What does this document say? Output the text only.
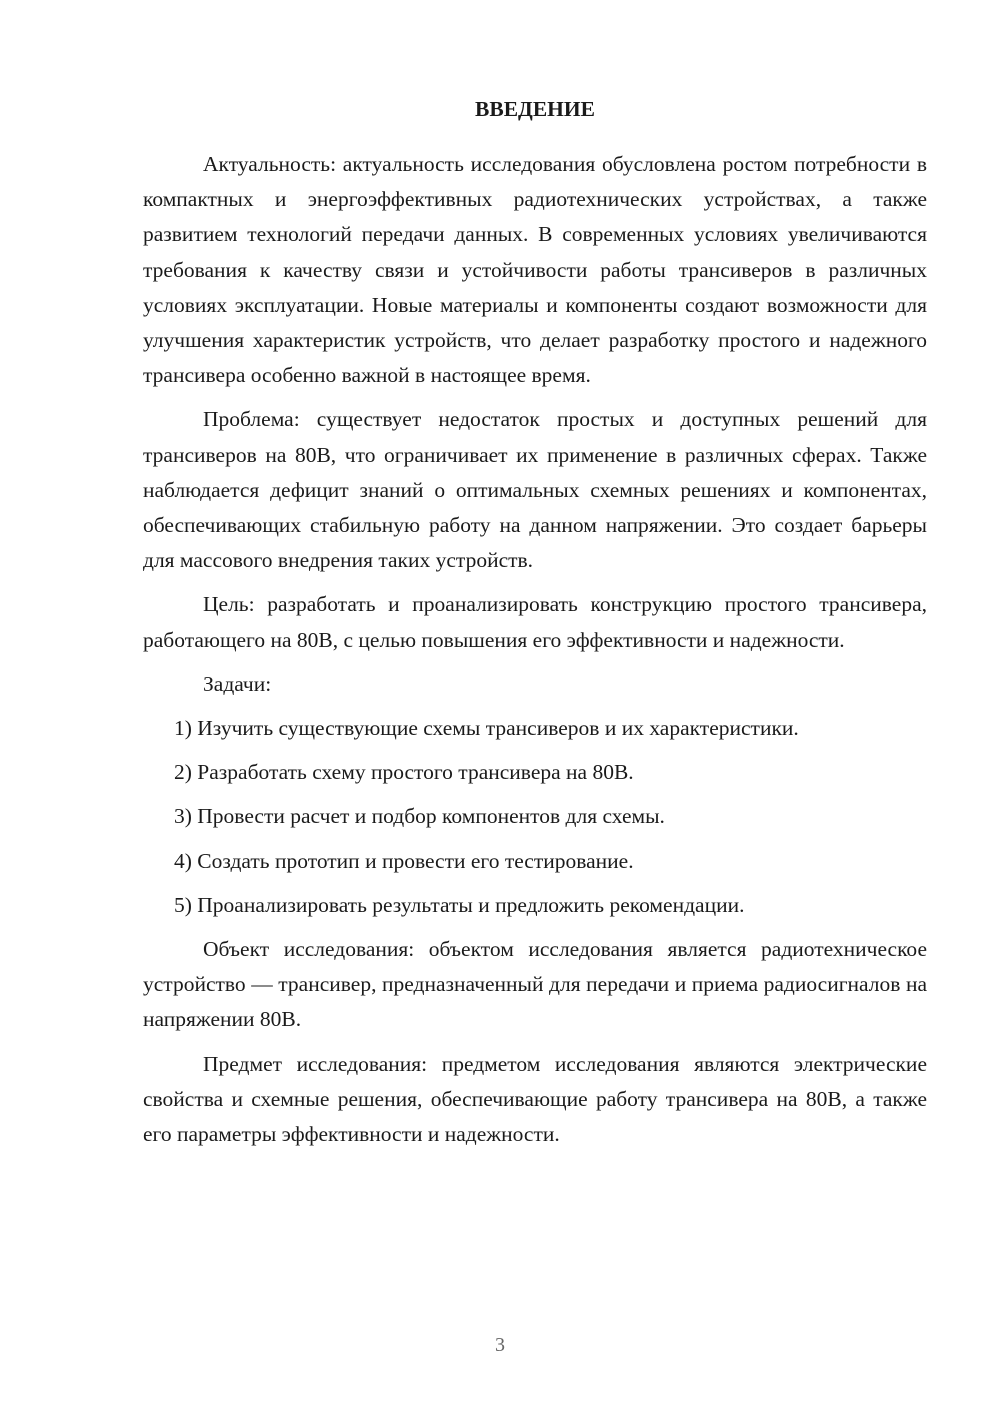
ВВЕДЕНИЕ

Актуальность: актуальность исследования обусловлена ростом потребности в компактных и энергоэффективных радиотехнических устройствах, а также развитием технологий передачи данных. В современных условиях увеличиваются требования к качеству связи и устойчивости работы трансиверов в различных условиях эксплуатации. Новые материалы и компоненты создают возможности для улучшения характеристик устройств, что делает разработку простого и надежного трансивера особенно важной в настоящее время.

Проблема: существует недостаток простых и доступных решений для трансиверов на 80В, что ограничивает их применение в различных сферах. Также наблюдается дефицит знаний о оптимальных схемных решениях и компонентах, обеспечивающих стабильную работу на данном напряжении. Это создает барьеры для массового внедрения таких устройств.

Цель: разработать и проанализировать конструкцию простого трансивера, работающего на 80В, с целью повышения его эффективности и надежности.

Задачи:

1) Изучить существующие схемы трансиверов и их характеристики.

2) Разработать схему простого трансивера на 80В.

3) Провести расчет и подбор компонентов для схемы.

4) Создать прототип и провести его тестирование.

5) Проанализировать результаты и предложить рекомендации.

Объект исследования: объектом исследования является радиотехническое устройство — трансивер, предназначенный для передачи и приема радиосигналов на напряжении 80В.

Предмет исследования: предметом исследования являются электрические свойства и схемные решения, обеспечивающие работу трансивера на 80В, а также его параметры эффективности и надежности.

3
